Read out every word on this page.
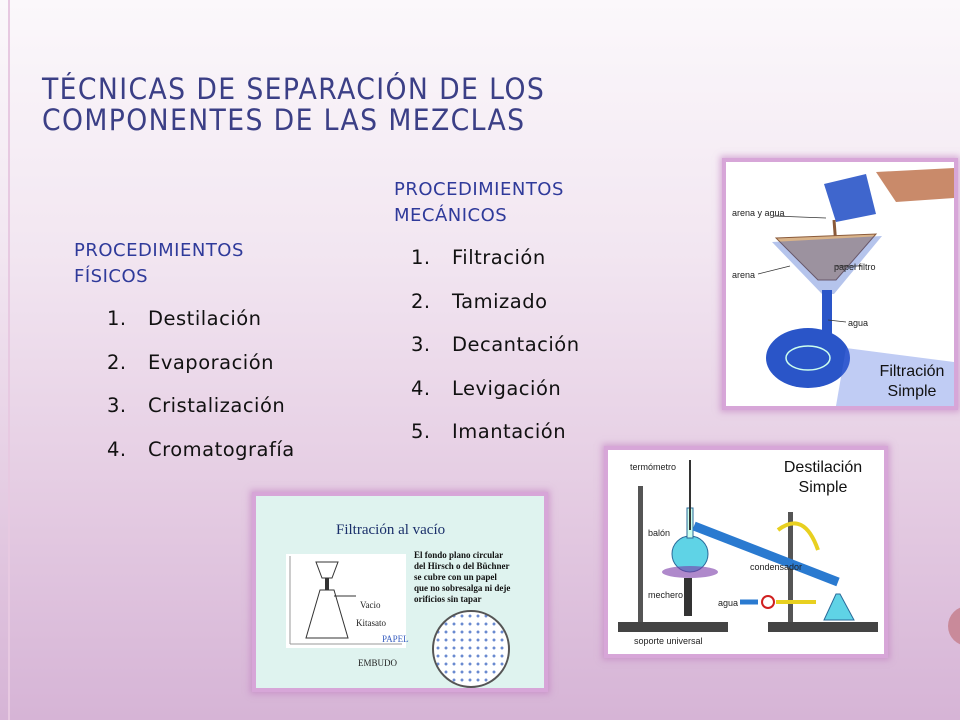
TÉCNICAS DE SEPARACIÓN DE LOS
COMPONENTES DE LAS MEZCLAS
PROCEDIMIENTOS
FÍSICOS
1.	Destilación
2.	Evaporación
3.	Cristalización
4.	Cromatografía
PROCEDIMIENTOS
MECÁNICOS
1.	Filtración
2.	Tamizado
3.	Decantación
4.	Levigación
5.	Imantación
arena y agua
arena
papel filtro
agua
Filtración
Simple
termómetro
balón
condensador
mechero
agua
soporte universal
Destilación
Simple
Filtración al vacío
Vacio
Kitasato
PAPEL
EMBUDO
El fondo plano circular
del Hirsch o del Büchner
se cubre con un papel
que no sobresalga ni deje
orificios sin tapar
